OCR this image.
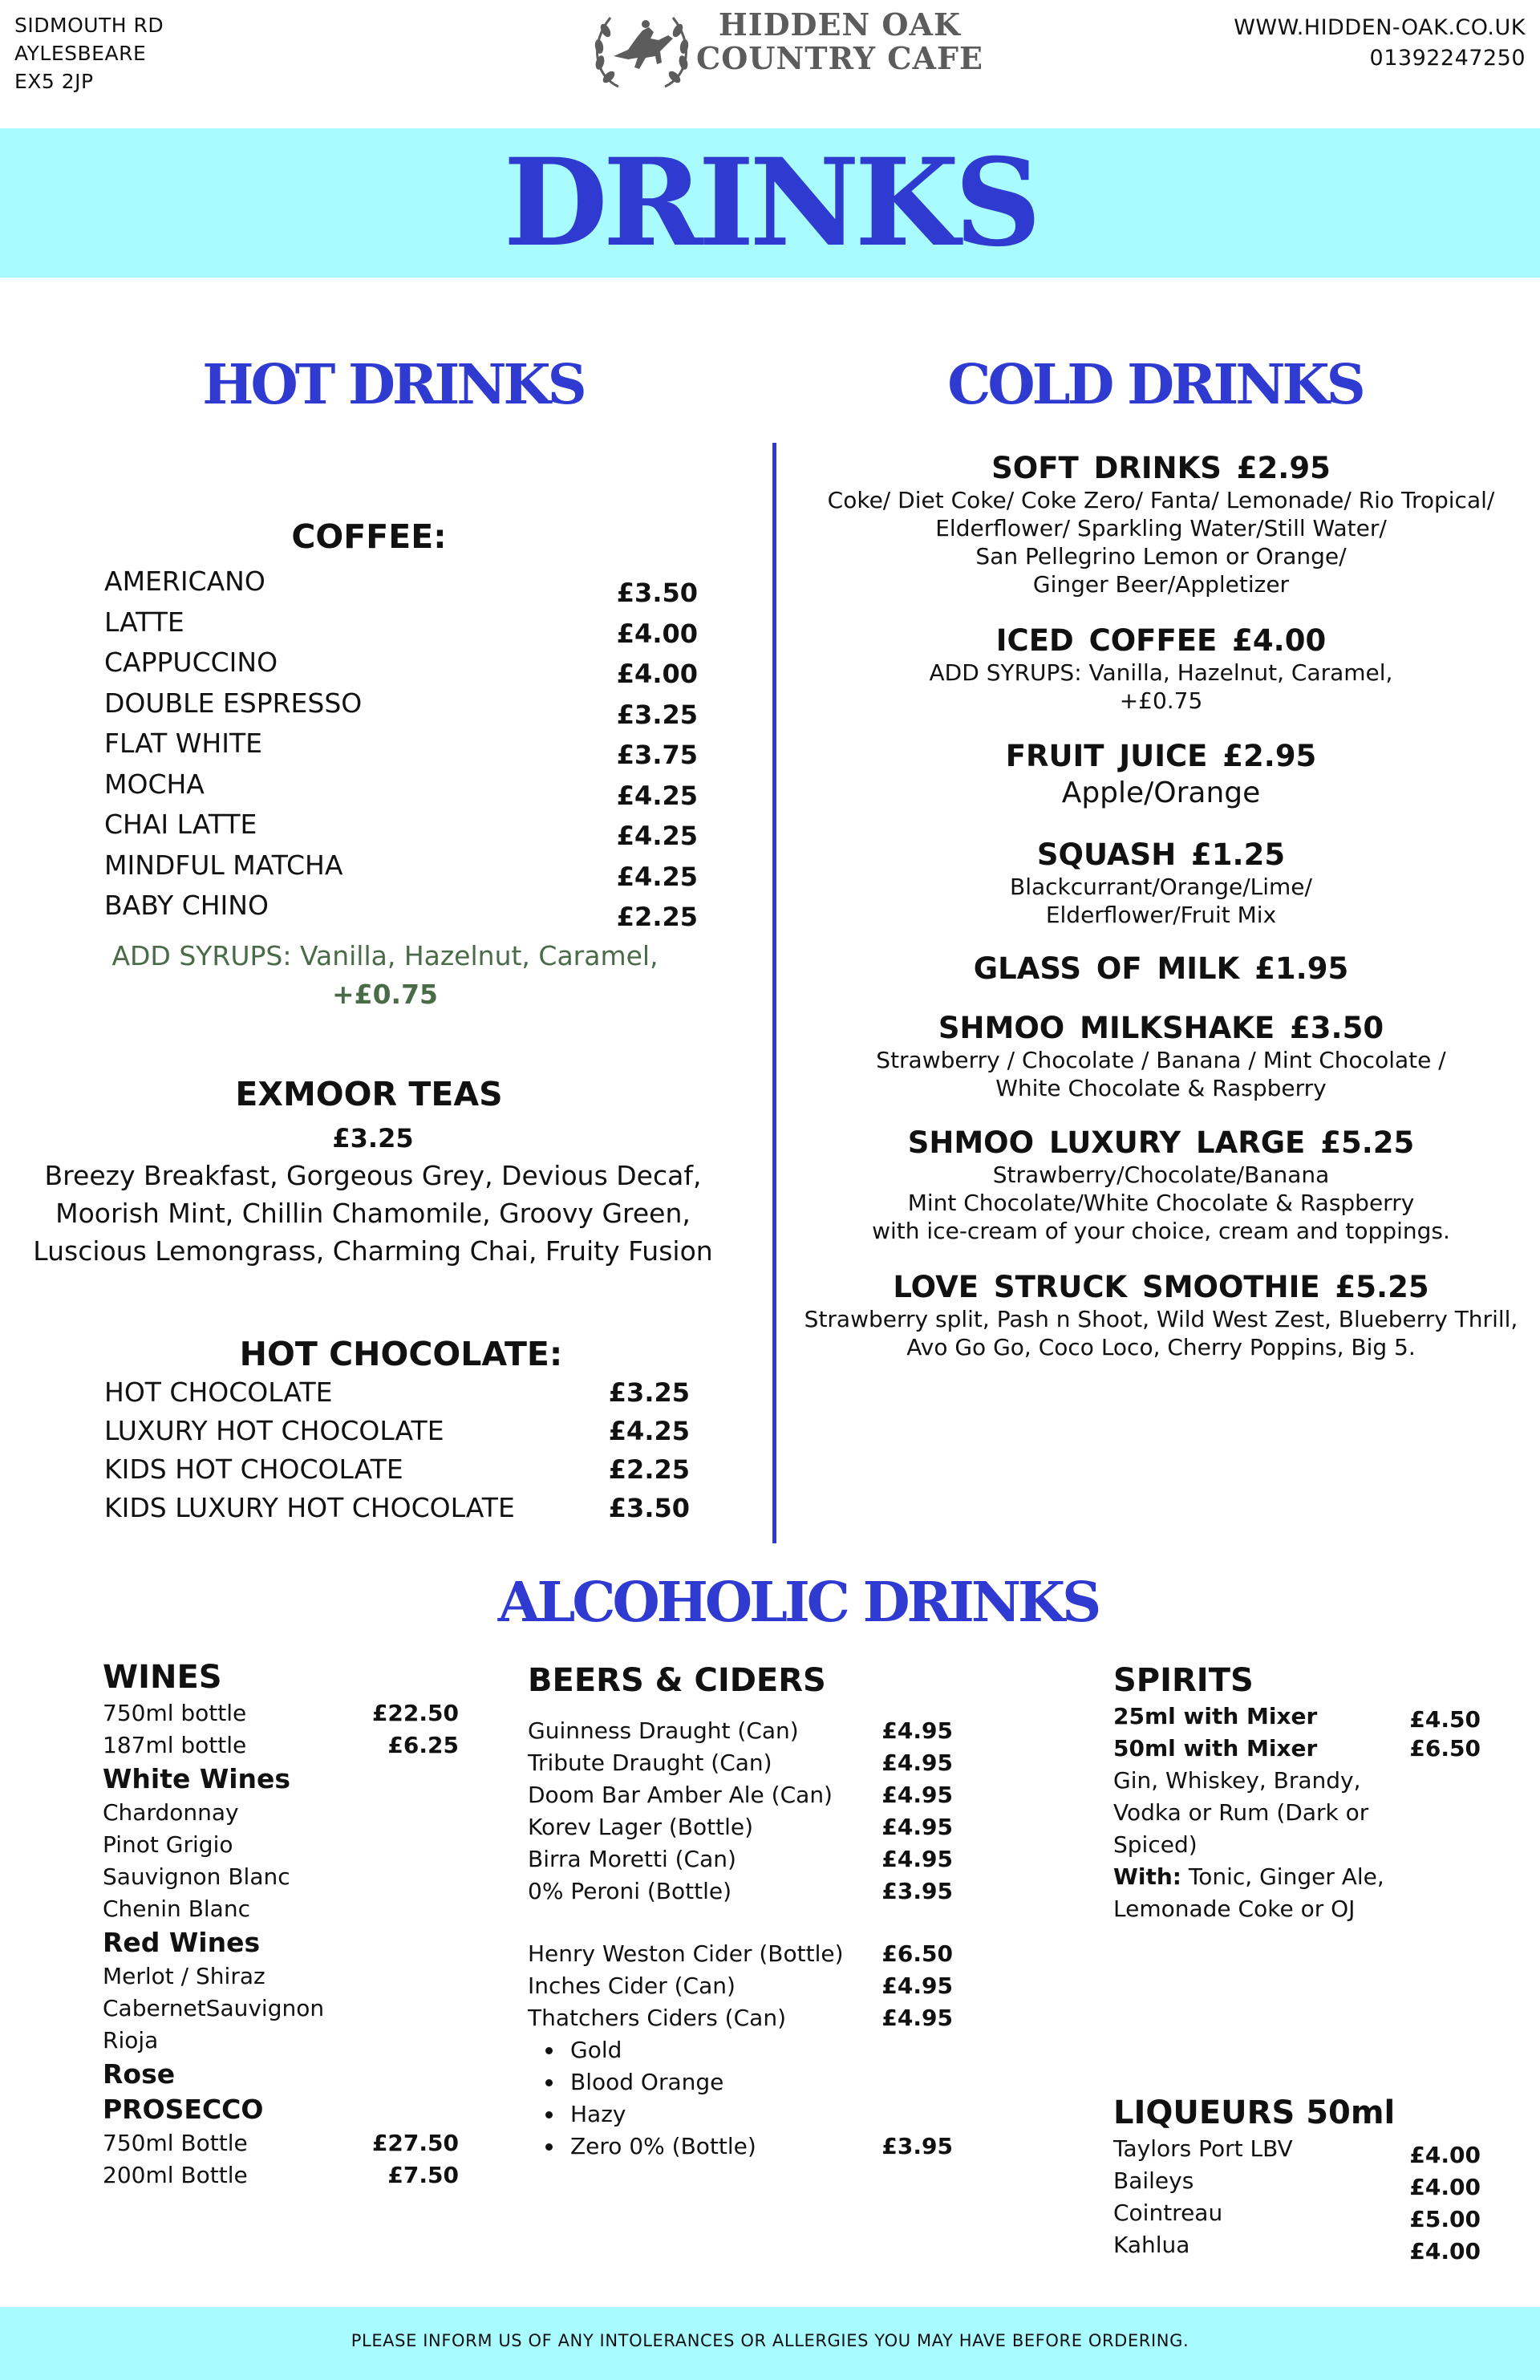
SIDMOUTH RD
AYLESBEARE
EX5 2JP
HIDDEN OAK
COUNTRY CAFE
WWW.HIDDEN-OAK.CO.UK
01392247250
DRINKS
HOT DRINKS
COFFEE:
AMERICANO	£3.50
LATTE	£4.00
CAPPUCCINO	£4.00
DOUBLE ESPRESSO	£3.25
FLAT WHITE	£3.75
MOCHA	£4.25
CHAI LATTE	£4.25
MINDFUL MATCHA	£4.25
BABY CHINO	£2.25
ADD SYRUPS: Vanilla, Hazelnut, Caramel,
+£0.75
EXMOOR TEAS
£3.25
Breezy Breakfast, Gorgeous Grey, Devious Decaf,
Moorish Mint, Chillin Chamomile, Groovy Green,
Luscious Lemongrass, Charming Chai, Fruity Fusion
HOT CHOCOLATE:
HOT CHOCOLATE	£3.25
LUXURY HOT CHOCOLATE	£4.25
KIDS HOT CHOCOLATE	£2.25
KIDS LUXURY HOT CHOCOLATE	£3.50
COLD DRINKS
SOFT DRINKS £2.95
Coke/ Diet Coke/ Coke Zero/ Fanta/ Lemonade/ Rio Tropical/
Elderflower/ Sparkling Water/Still Water/
San Pellegrino Lemon or Orange/
Ginger Beer/Appletizer
ICED COFFEE £4.00
ADD SYRUPS: Vanilla, Hazelnut, Caramel,
+£0.75
FRUIT JUICE £2.95
Apple/Orange
SQUASH £1.25
Blackcurrant/Orange/Lime/
Elderflower/Fruit Mix
GLASS OF MILK £1.95
SHMOO MILKSHAKE £3.50
Strawberry / Chocolate / Banana / Mint Chocolate /
White Chocolate & Raspberry
SHMOO LUXURY LARGE £5.25
Strawberry/Chocolate/Banana
Mint Chocolate/White Chocolate & Raspberry
with ice-cream of your choice, cream and toppings.
LOVE STRUCK SMOOTHIE £5.25
Strawberry split, Pash n Shoot, Wild West Zest, Blueberry Thrill,
Avo Go Go, Coco Loco, Cherry Poppins, Big 5.
ALCOHOLIC DRINKS
WINES
750ml bottle	£22.50
187ml bottle	£6.25
White Wines
Chardonnay
Pinot Grigio
Sauvignon Blanc
Chenin Blanc
Red Wines
Merlot / Shiraz
CabernetSauvignon
Rioja
Rose
PROSECCO
750ml Bottle	£27.50
200ml Bottle	£7.50
BEERS & CIDERS
Guinness Draught (Can)	£4.95
Tribute Draught (Can)	£4.95
Doom Bar Amber Ale (Can) £4.95
Korev Lager (Bottle)	£4.95
Birra Moretti (Can)	£4.95
0% Peroni (Bottle)	£3.95
Henry Weston Cider (Bottle) £6.50
Inches Cider (Can)	£4.95
Thatchers Ciders (Can)	£4.95
Gold
Blood Orange
Hazy
Zero 0% (Bottle)	£3.95
SPIRITS
25ml with Mixer	£4.50
50ml with Mixer	£6.50
Gin, Whiskey, Brandy,
Vodka or Rum (Dark or
Spiced)
With: Tonic, Ginger Ale,
Lemonade Coke or OJ
LIQUEURS 50ml
Taylors Port LBV	£4.00
Baileys	£4.00
Cointreau	£5.00
Kahlua	£4.00
PLEASE INFORM US OF ANY INTOLERANCES OR ALLERGIES YOU MAY HAVE BEFORE ORDERING.
